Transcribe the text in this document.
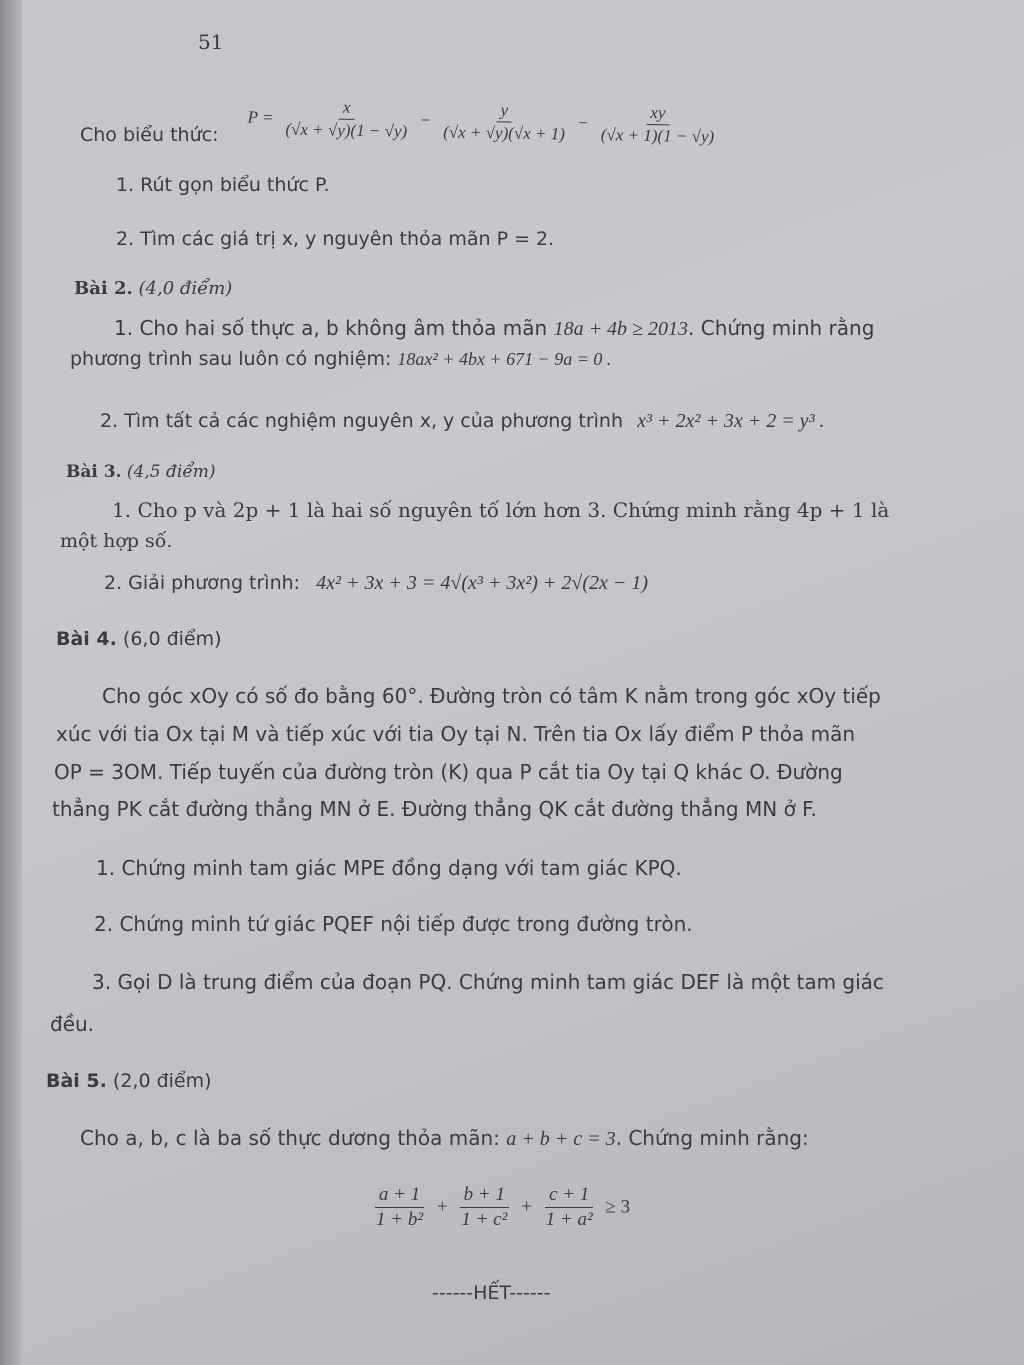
51
Cho biểu thức:
$P = \frac{x}{(√x + √y)(1 - √y)} - \frac{y}{(√x + √y)(√x + 1)} - \frac{xy}{(√x + 1)(1 - √y)}$
1. Rút gọn biểu thức P.
2. Tìm các giá trị x, y nguyên thỏa mãn P = 2.
Bài 2. (4,0 điểm)
1. Cho hai số thực a, b không âm thỏa mãn 18a + 4b ≥ 2013. Chứng minh rằng
phương trình sau luôn có nghiệm: 18ax² + 4bx + 671 − 9a = 0 .
2. Tìm tất cả các nghiệm nguyên x, y của phương trình x³ + 2x² + 3x + 2 = y³ .
Bài 3. (4,5 điểm)
1. Cho p và 2p + 1 là hai số nguyên tố lớn hơn 3. Chứng minh rằng 4p + 1 là
một hợp số.
2. Giải phương trình: 4x² + 3x + 3 = 4√(x³ + 3x²) + 2√(2x − 1)
Bài 4. (6,0 điểm)
Cho góc xOy có số đo bằng 60°. Đường tròn có tâm K nằm trong góc xOy tiếp
xúc với tia Ox tại M và tiếp xúc với tia Oy tại N. Trên tia Ox lấy điểm P thỏa mãn
OP = 3OM. Tiếp tuyến của đường tròn (K) qua P cắt tia Oy tại Q khác O. Đường
thẳng PK cắt đường thẳng MN ở E. Đường thẳng QK cắt đường thẳng MN ở F.
1. Chứng minh tam giác MPE đồng dạng với tam giác KPQ.
2. Chứng minh tứ giác PQEF nội tiếp được trong đường tròn.
3. Gọi D là trung điểm của đoạn PQ. Chứng minh tam giác DEF là một tam giác
đều.
Bài 5. (2,0 điểm)
Cho a, b, c là ba số thực dương thỏa mãn: a + b + c = 3. Chứng minh rằng:
$\frac{a + 1}{\text{1 + b²}} + \frac{b + 1}{\text{1 + c²}} + \frac{c + 1}{\text{1 + a²}} \ge 3$
------HẾT------
